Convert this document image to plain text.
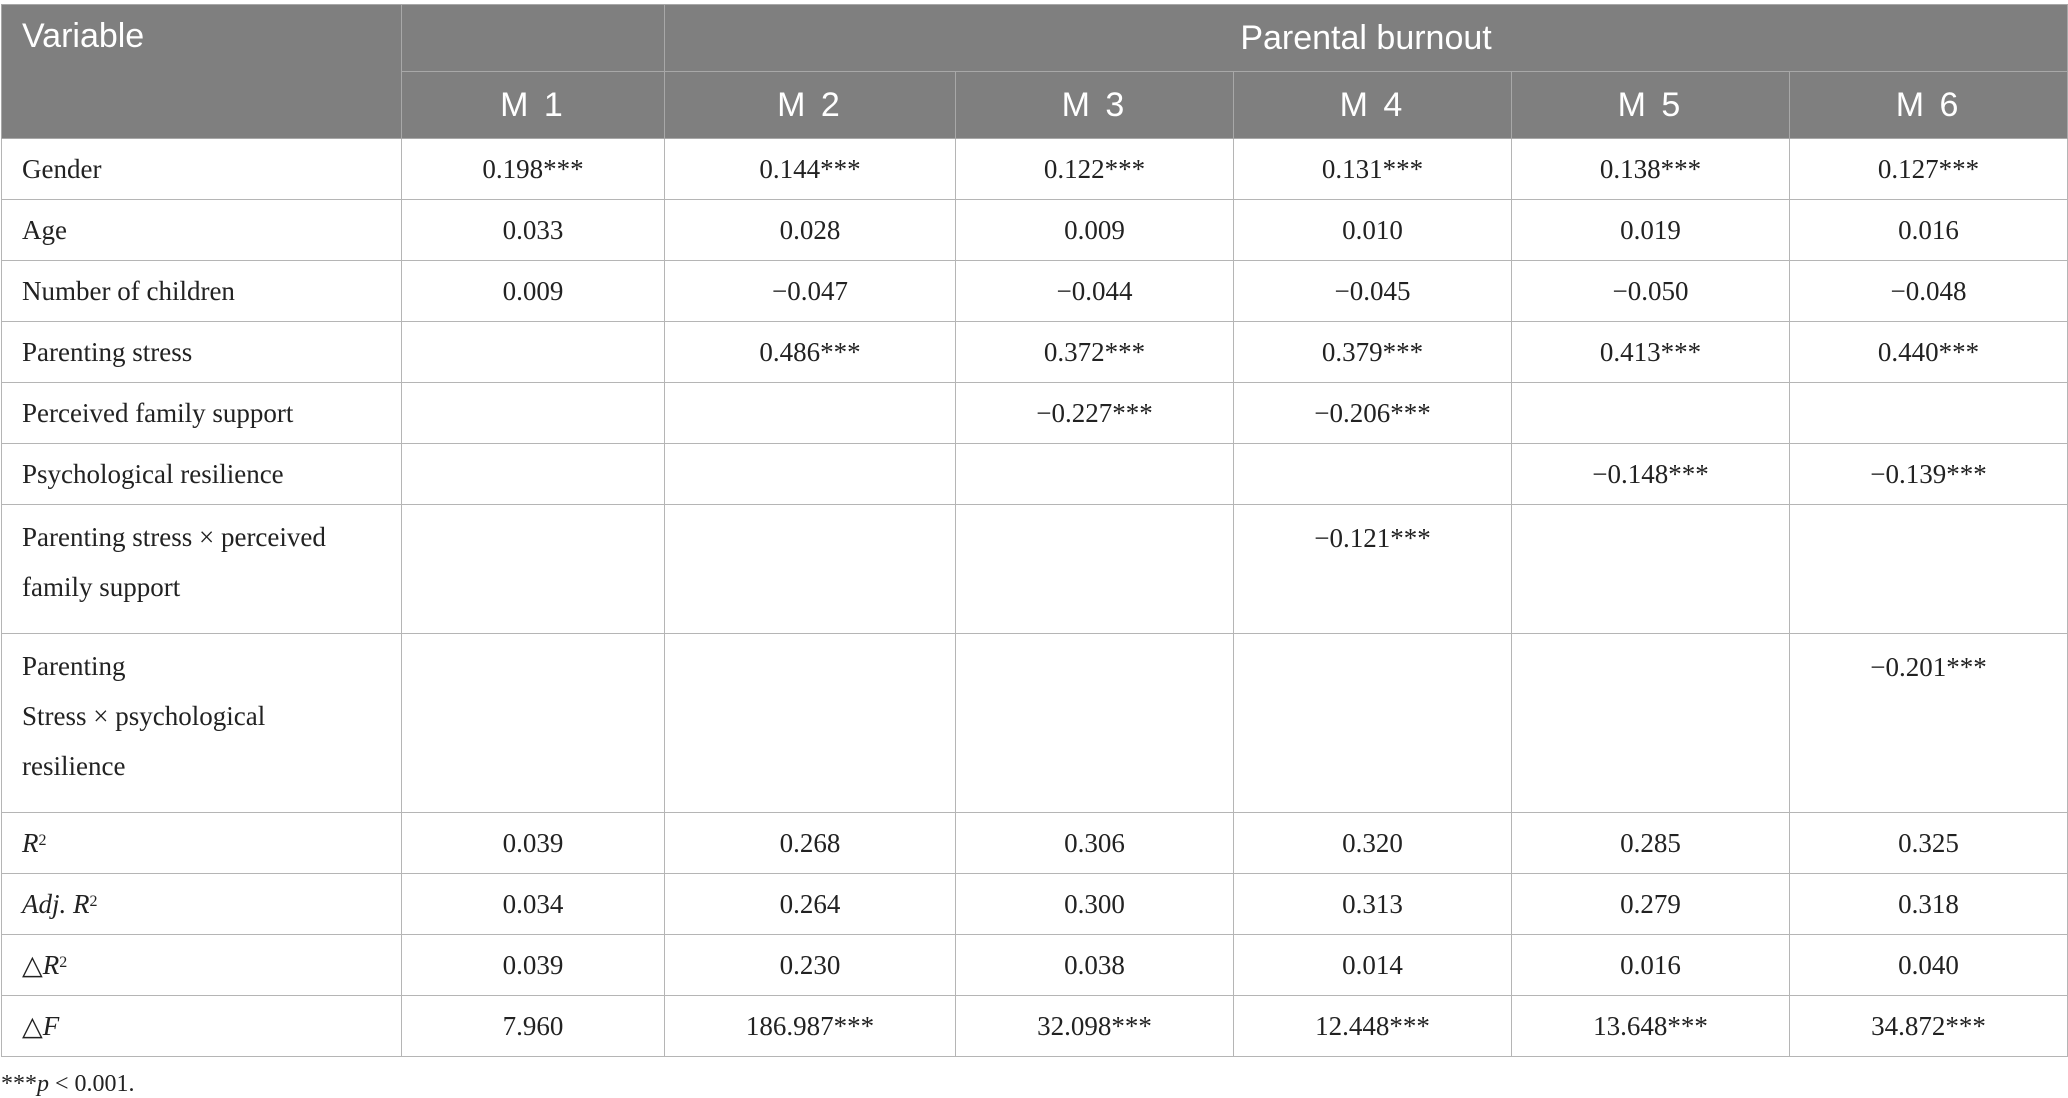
Variable		Parental burnout				
	M 1	M 2	M 3	M 4	M 5	M 6
Gender	0.198***	0.144***	0.122***	0.131***	0.138***	0.127***
Age	0.033	0.028	0.009	0.010	0.019	0.016
Number of children	0.009	−0.047	−0.044	−0.045	−0.050	−0.048
Parenting stress		0.486***	0.372***	0.379***	0.413***	0.440***
Perceived family support			−0.227***	−0.206***		
Psychological resilience					−0.148***	−0.139***

Parenting stress × perceived
family support				−0.121***		

Parenting
Stress × psychological
resilience						−0.201***
$R^2$	0.039	0.268	0.306	0.320	0.285	0.325
Adj. $R^2$	0.034	0.264	0.300	0.313	0.279	0.318
$\triangle R^2$	0.039	0.230	0.038	0.014	0.016	0.040
△F	7.960	186.987***	32.098***	12.448***	13.648***	34.872***
***p < 0.001.
